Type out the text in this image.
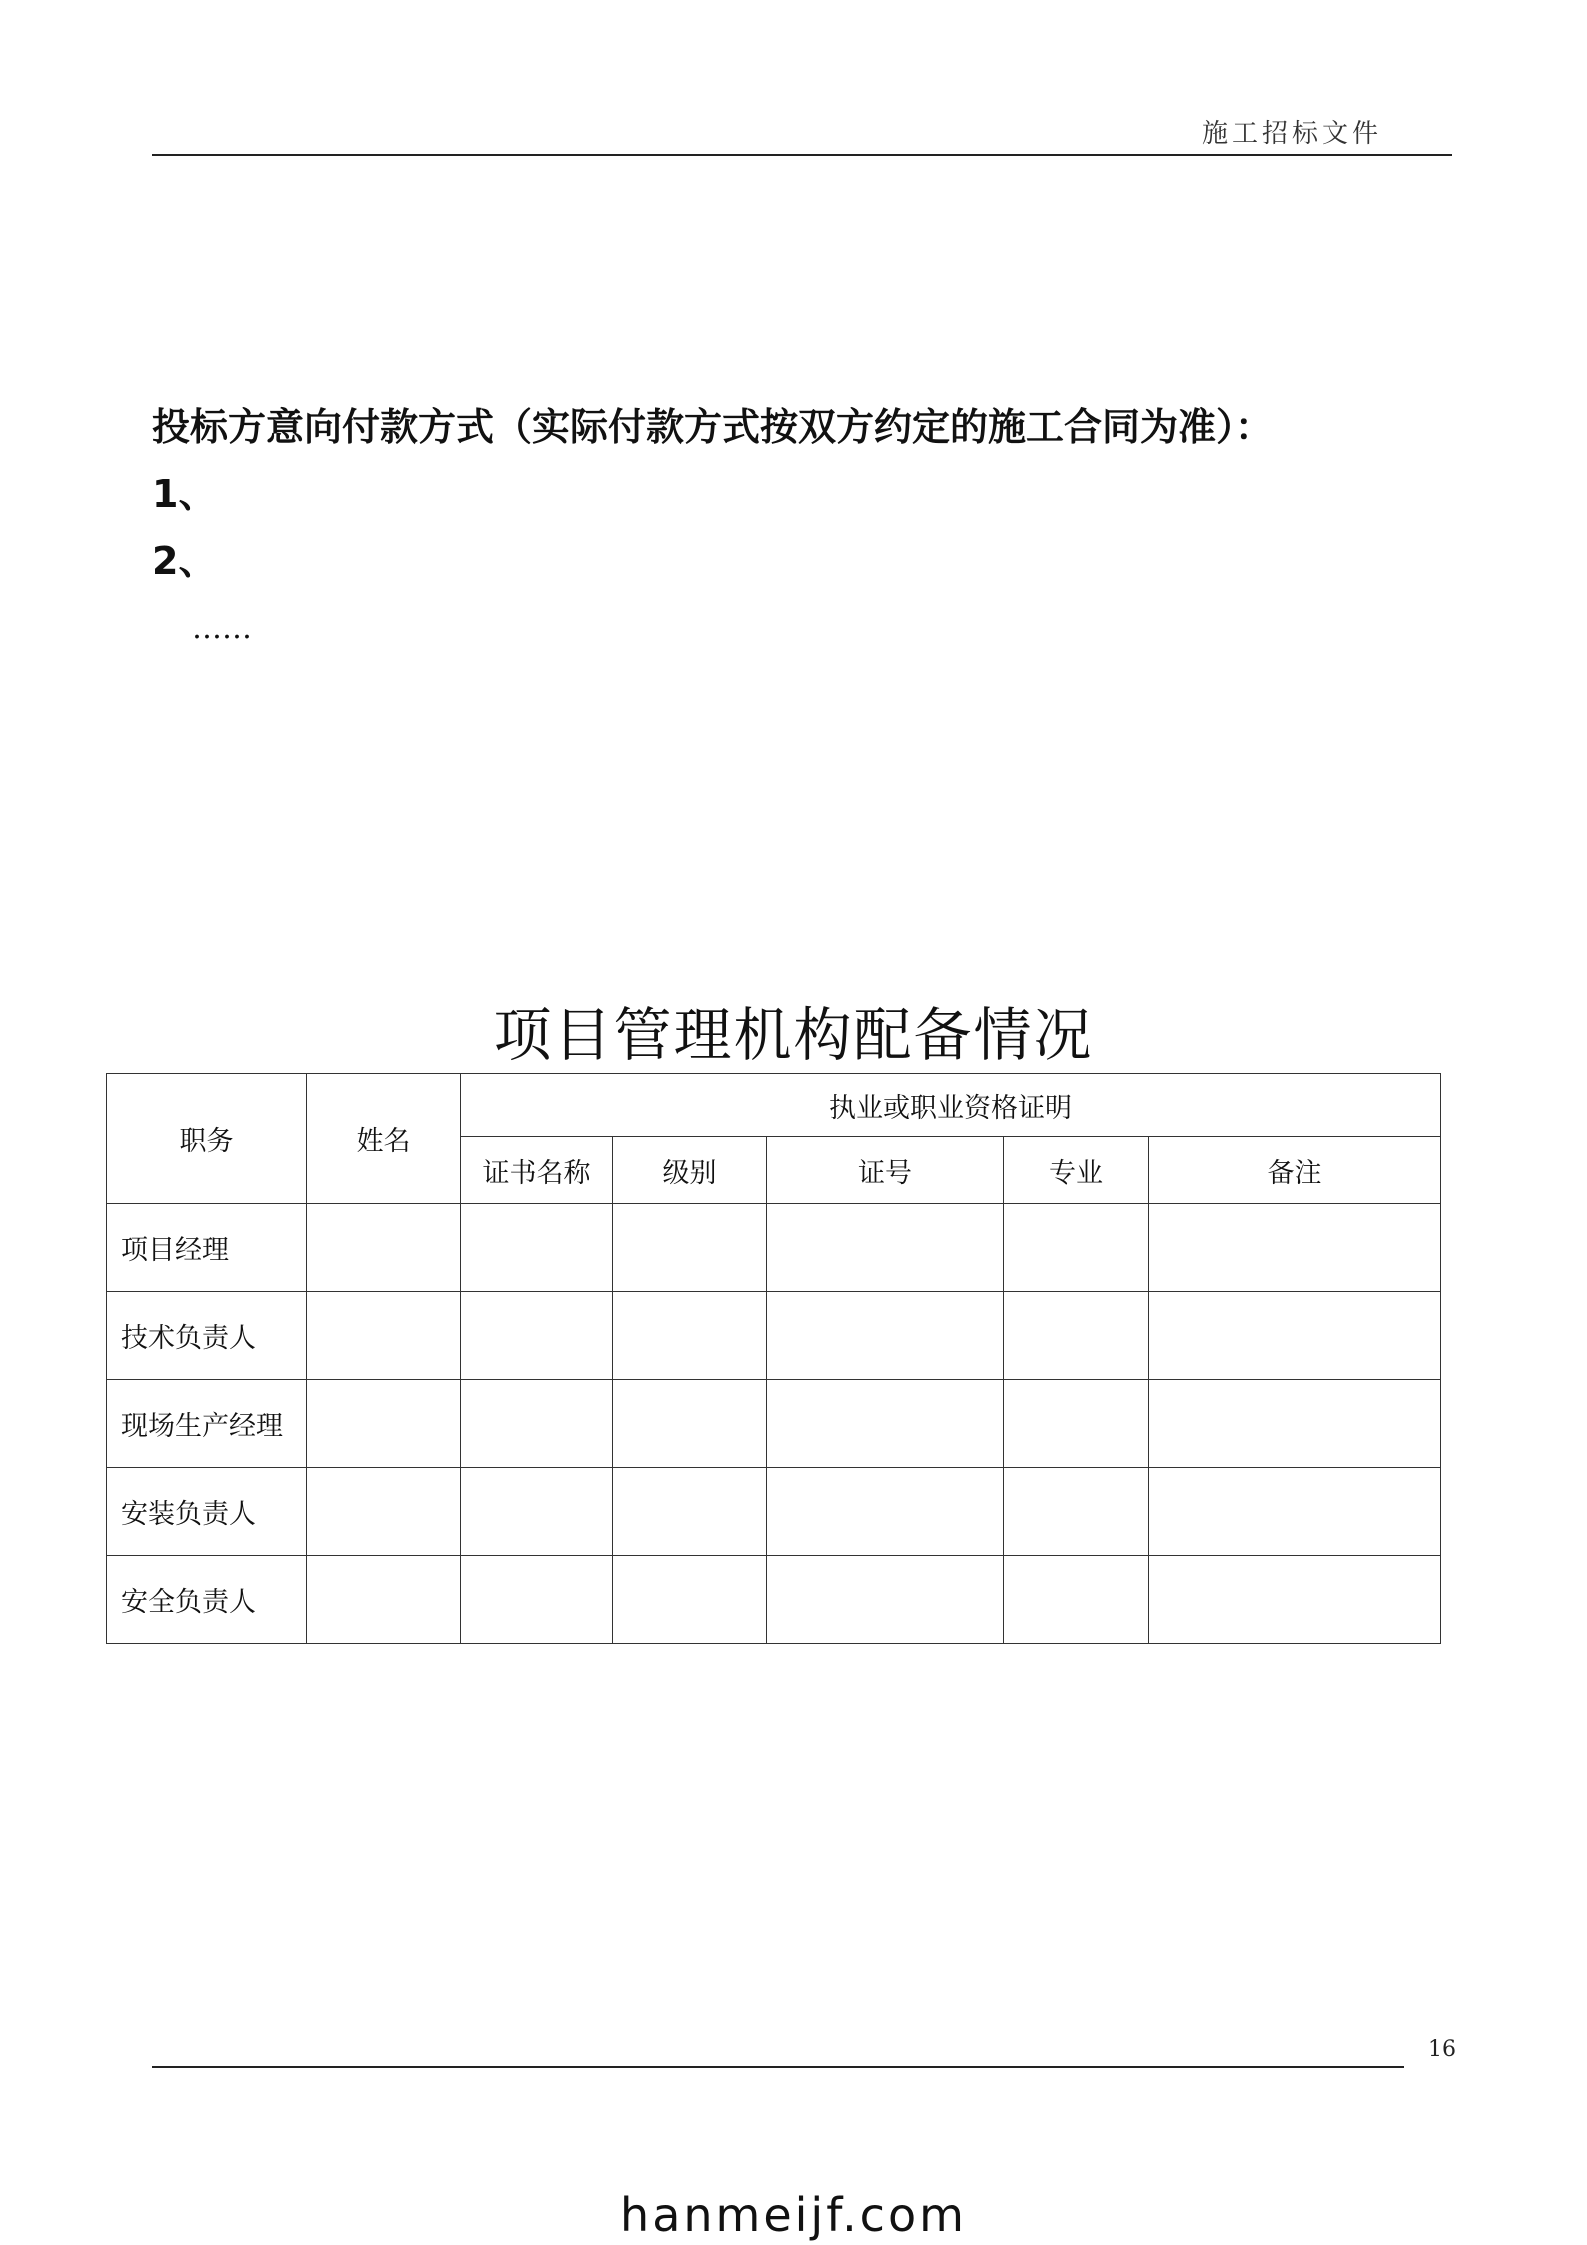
施工招标文件
投标方意向付款方式（实际付款方式按双方约定的施工合同为准）：
1、
2、
……
项目管理机构配备情况
职务	姓名	执业或职业资格证明				
		证书名称	级别	证号	专业	备注
项目经理						
技术负责人						
现场生产经理						
安装负责人						
安全负责人						
16
hanmeijf.com
